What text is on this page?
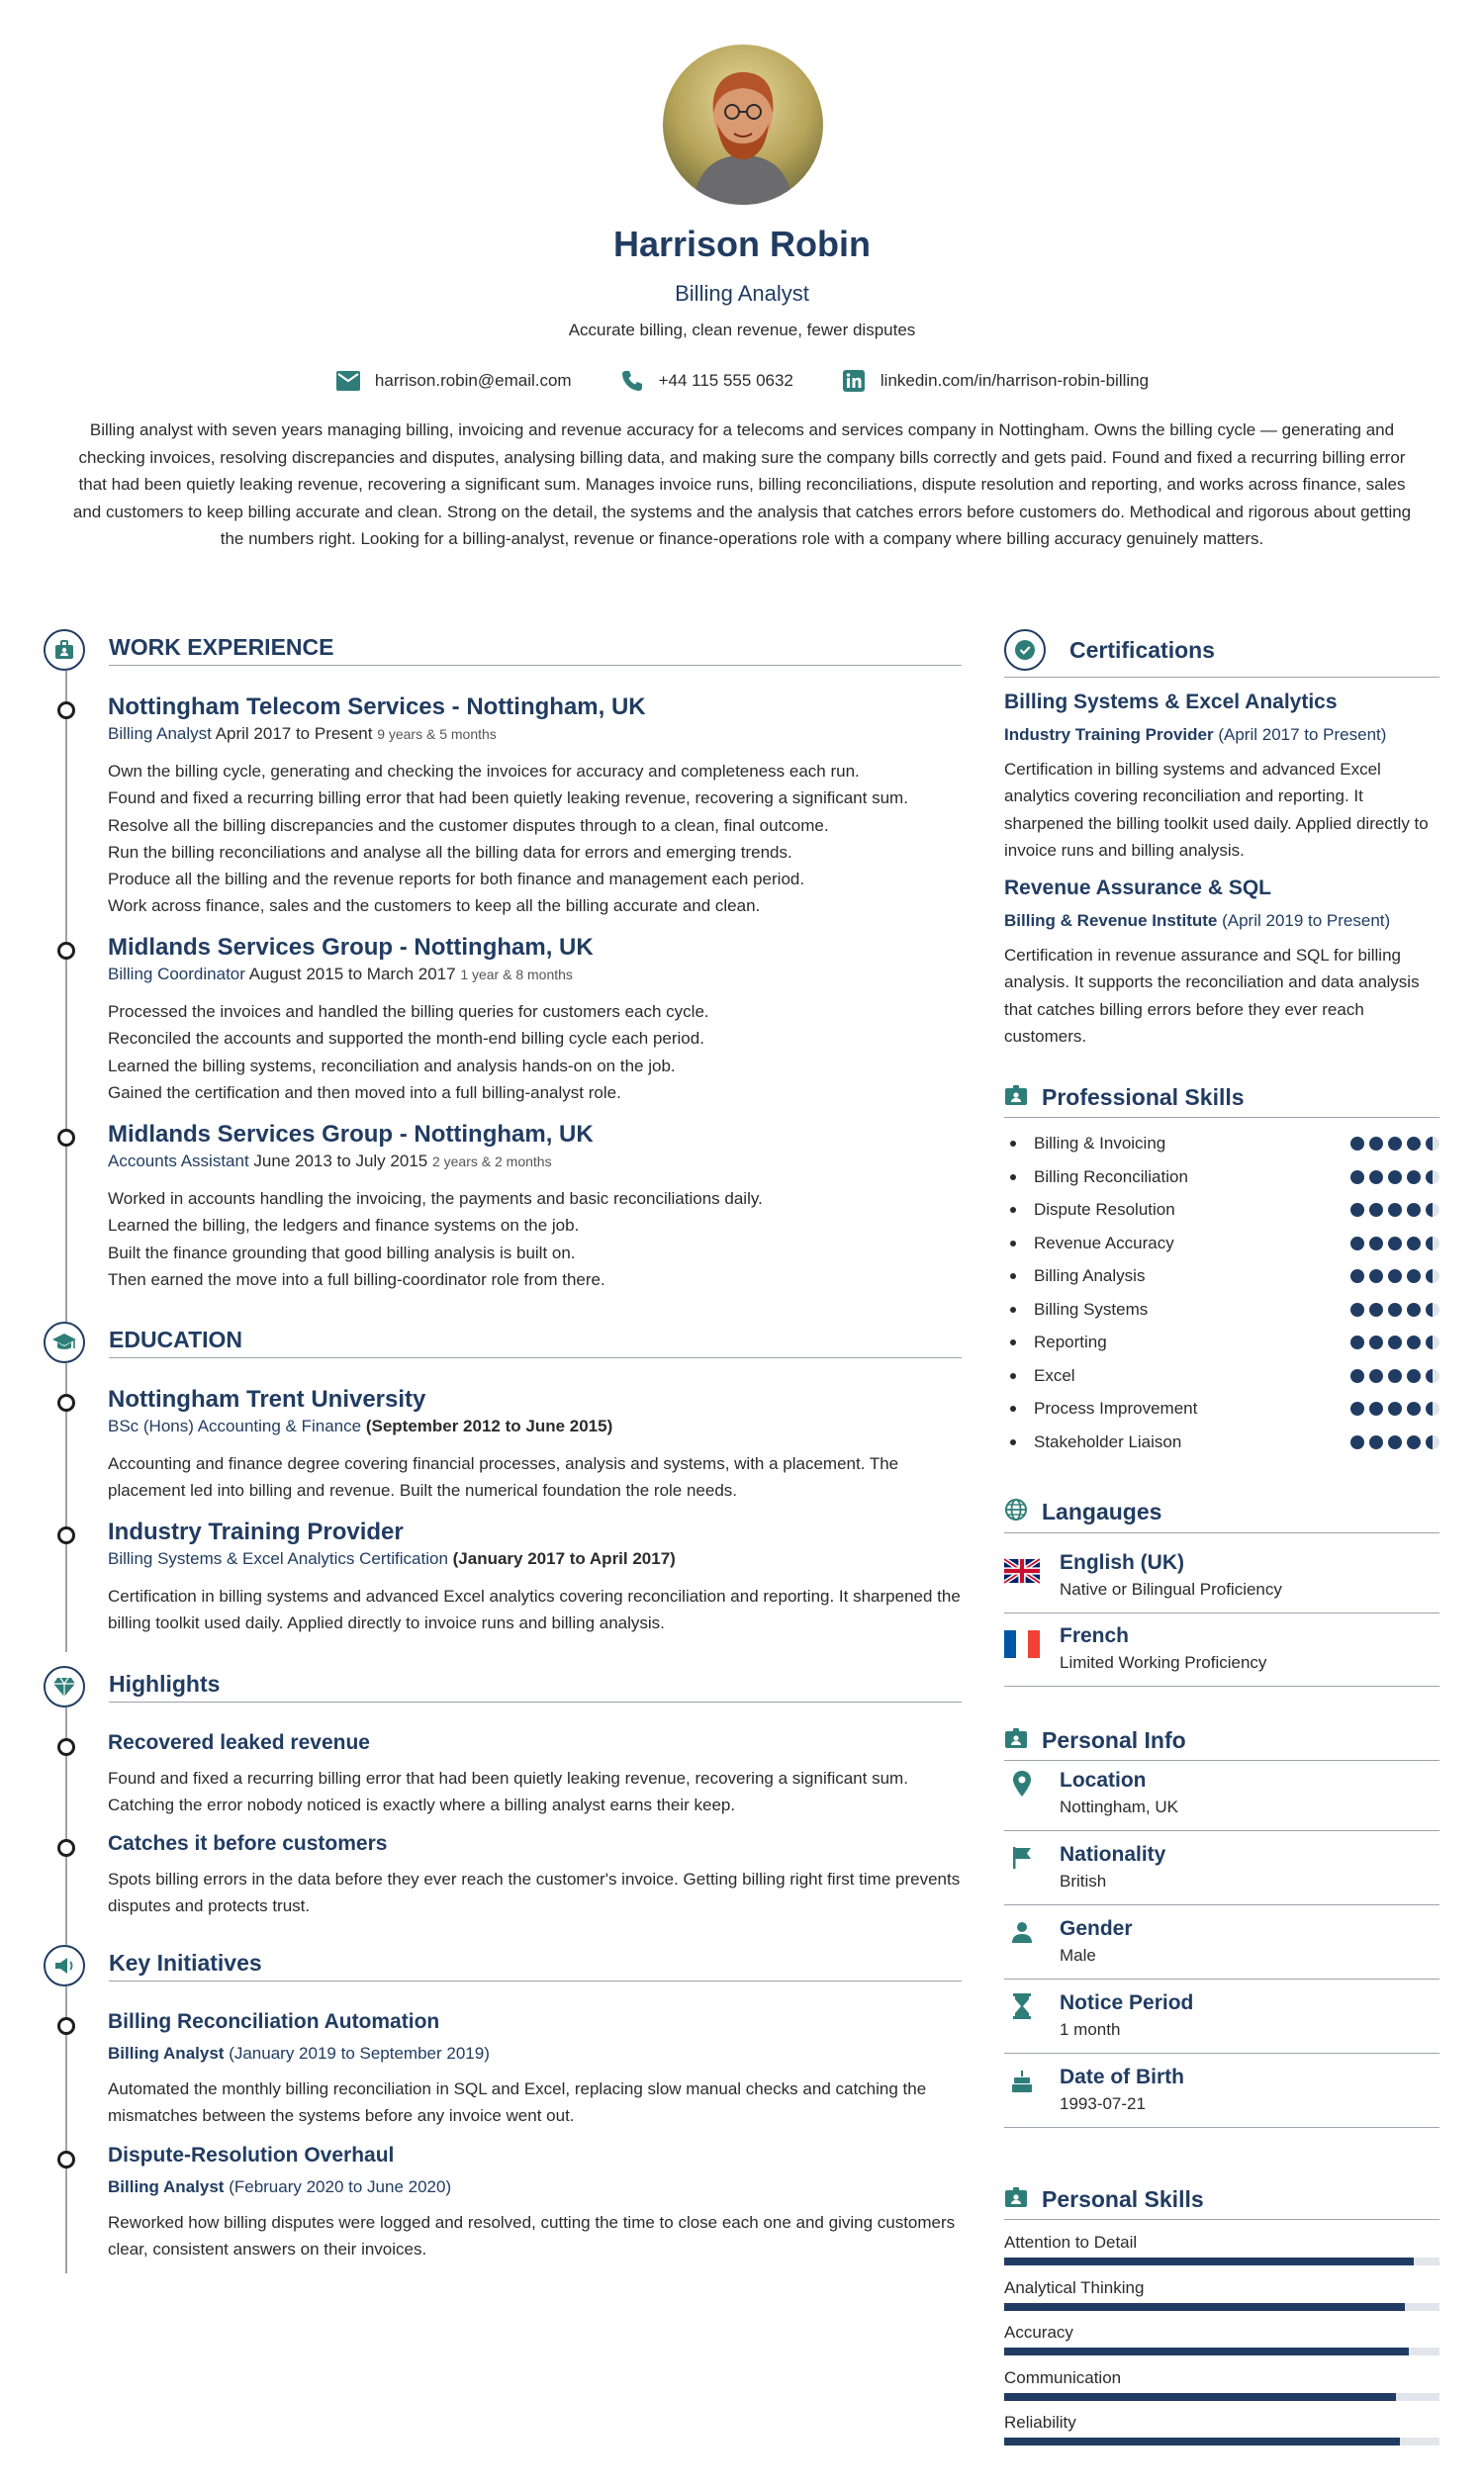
Harrison Robin
Billing Analyst
Accurate billing, clean revenue, fewer disputes
harrison.robin@email.com	+44 115 555 0632	linkedin.com/in/harrison-robin-billing

Billing analyst with seven years managing billing, invoicing and revenue accuracy for a telecoms and services company in Nottingham. Owns the billing cycle — generating and checking invoices, resolving discrepancies and disputes, analysing billing data, and making sure the company bills correctly and gets paid. Found and fixed a recurring billing error that had been quietly leaking revenue, recovering a significant sum. Manages invoice runs, billing reconciliations, dispute resolution and reporting, and works across finance, sales and customers to keep billing accurate and clean. Strong on the detail, the systems and the analysis that catches errors before customers do. Methodical and rigorous about getting the numbers right. Looking for a billing-analyst, revenue or finance-operations role with a company where billing accuracy genuinely matters.

WORK EXPERIENCE
Nottingham Telecom Services - Nottingham, UK
Billing Analyst April 2017 to Present 9 years & 5 months
Own the billing cycle, generating and checking the invoices for accuracy and completeness each run.
Found and fixed a recurring billing error that had been quietly leaking revenue, recovering a significant sum.
Resolve all the billing discrepancies and the customer disputes through to a clean, final outcome.
Run the billing reconciliations and analyse all the billing data for errors and emerging trends.
Produce all the billing and the revenue reports for both finance and management each period.
Work across finance, sales and the customers to keep all the billing accurate and clean.
Midlands Services Group - Nottingham, UK
Billing Coordinator August 2015 to March 2017 1 year & 8 months
Processed the invoices and handled the billing queries for customers each cycle.
Reconciled the accounts and supported the month-end billing cycle each period.
Learned the billing systems, reconciliation and analysis hands-on on the job.
Gained the certification and then moved into a full billing-analyst role.
Midlands Services Group - Nottingham, UK
Accounts Assistant June 2013 to July 2015 2 years & 2 months
Worked in accounts handling the invoicing, the payments and basic reconciliations daily.
Learned the billing, the ledgers and finance systems on the job.
Built the finance grounding that good billing analysis is built on.
Then earned the move into a full billing-coordinator role from there.
EDUCATION
Nottingham Trent University
BSc (Hons) Accounting & Finance (September 2012 to June 2015)
Accounting and finance degree covering financial processes, analysis and systems, with a placement. The placement led into billing and revenue. Built the numerical foundation the role needs.
Industry Training Provider
Billing Systems & Excel Analytics Certification (January 2017 to April 2017)
Certification in billing systems and advanced Excel analytics covering reconciliation and reporting. It sharpened the billing toolkit used daily. Applied directly to invoice runs and billing analysis.
Highlights
Recovered leaked revenue
Found and fixed a recurring billing error that had been quietly leaking revenue, recovering a significant sum. Catching the error nobody noticed is exactly where a billing analyst earns their keep.
Catches it before customers
Spots billing errors in the data before they ever reach the customer's invoice. Getting billing right first time prevents disputes and protects trust.
Key Initiatives
Billing Reconciliation Automation
Billing Analyst (January 2019 to September 2019)
Automated the monthly billing reconciliation in SQL and Excel, replacing slow manual checks and catching the mismatches between the systems before any invoice went out.
Dispute-Resolution Overhaul
Billing Analyst (February 2020 to June 2020)
Reworked how billing disputes were logged and resolved, cutting the time to close each one and giving customers clear, consistent answers on their invoices.
Certifications
Billing Systems & Excel Analytics
Industry Training Provider (April 2017 to Present)
Certification in billing systems and advanced Excel analytics covering reconciliation and reporting. It sharpened the billing toolkit used daily. Applied directly to invoice runs and billing analysis.
Revenue Assurance & SQL
Billing & Revenue Institute (April 2019 to Present)
Certification in revenue assurance and SQL for billing analysis. It supports the reconciliation and data analysis that catches billing errors before they ever reach customers.
Professional Skills
Billing & Invoicing
Billing Reconciliation
Dispute Resolution
Revenue Accuracy
Billing Analysis
Billing Systems
Reporting
Excel
Process Improvement
Stakeholder Liaison
Langauges
English (UK)
Native or Bilingual Proficiency
French
Limited Working Proficiency
Personal Info
Location
Nottingham, UK
Nationality
British
Gender
Male
Notice Period
1 month
Date of Birth
1993-07-21
Personal Skills
Attention to Detail
Analytical Thinking
Accuracy
Communication
Reliability
